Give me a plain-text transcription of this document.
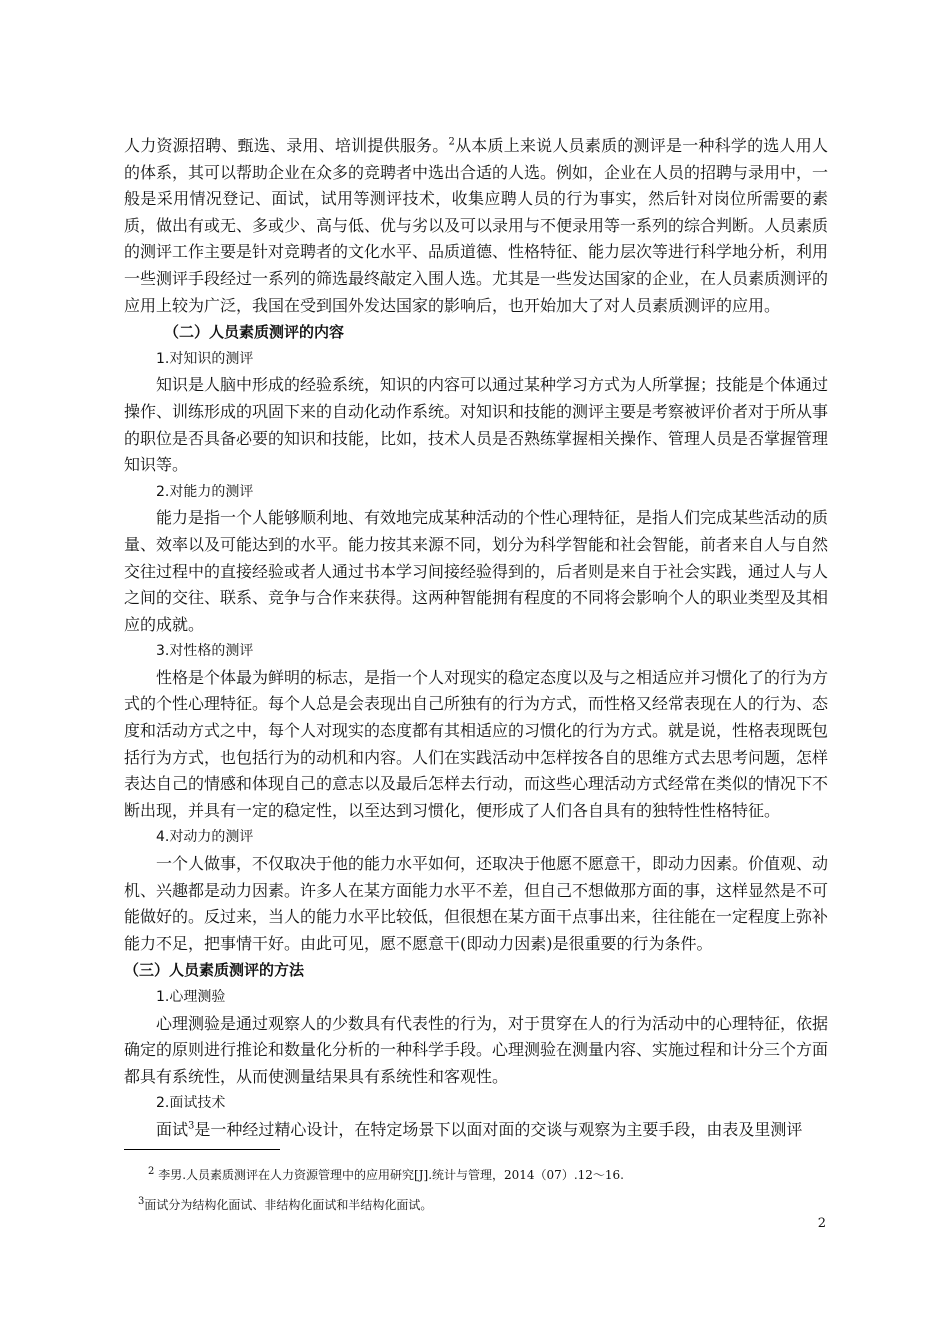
人力资源招聘、甄选、录用、培训提供服务。$^2$从本质上来说人员素质的测评是一种科学的选人用人的体系，其可以帮助企业在众多的竞聘者中选出合适的人选。例如，企业在人员的招聘与录用中，一般是采用情况登记、面试，试用等测评技术，收集应聘人员的行为事实，然后针对岗位所需要的素质，做出有或无、多或少、高与低、优与劣以及可以录用与不便录用等一系列的综合判断。人员素质的测评工作主要是针对竞聘者的文化水平、品质道德、性格特征、能力层次等进行科学地分析，利用一些测评手段经过一系列的筛选最终敲定入围人选。尤其是一些发达国家的企业，在人员素质测评的应用上较为广泛，我国在受到国外发达国家的影响后，也开始加大了对人员素质测评的应用。

（二）人员素质测评的内容

1.对知识的测评

知识是人脑中形成的经验系统，知识的内容可以通过某种学习方式为人所掌握；技能是个体通过操作、训练形成的巩固下来的自动化动作系统。对知识和技能的测评主要是考察被评价者对于所从事的职位是否具备必要的知识和技能，比如，技术人员是否熟练掌握相关操作、管理人员是否掌握管理知识等。

2.对能力的测评

能力是指一个人能够顺利地、有效地完成某种活动的个性心理特征，是指人们完成某些活动的质量、效率以及可能达到的水平。能力按其来源不同，划分为科学智能和社会智能，前者来自人与自然交往过程中的直接经验或者人通过书本学习间接经验得到的，后者则是来自于社会实践，通过人与人之间的交往、联系、竞争与合作来获得。这两种智能拥有程度的不同将会影响个人的职业类型及其相应的成就。

3.对性格的测评

性格是个体最为鲜明的标志，是指一个人对现实的稳定态度以及与之相适应并习惯化了的行为方式的个性心理特征。每个人总是会表现出自己所独有的行为方式，而性格又经常表现在人的行为、态度和活动方式之中，每个人对现实的态度都有其相适应的习惯化的行为方式。就是说，性格表现既包括行为方式，也包括行为的动机和内容。人们在实践活动中怎样按各自的思维方式去思考问题，怎样表达自己的情感和体现自己的意志以及最后怎样去行动，而这些心理活动方式经常在类似的情况下不断出现，并具有一定的稳定性，以至达到习惯化，便形成了人们各自具有的独特性性格特征。

4.对动力的测评

一个人做事，不仅取决于他的能力水平如何，还取决于他愿不愿意干，即动力因素。价值观、动机、兴趣都是动力因素。许多人在某方面能力水平不差，但自己不想做那方面的事，这样显然是不可能做好的。反过来，当人的能力水平比较低，但很想在某方面干点事出来，往往能在一定程度上弥补能力不足，把事情干好。由此可见，愿不愿意干(即动力因素)是很重要的行为条件。

（三）人员素质测评的方法

1.心理测验

心理测验是通过观察人的少数具有代表性的行为，对于贯穿在人的行为活动中的心理特征，依据确定的原则进行推论和数量化分析的一种科学手段。心理测验在测量内容、实施过程和计分三个方面都具有系统性，从而使测量结果具有系统性和客观性。

2.面试技术

面试$^3$是一种经过精心设计，在特定场景下以面对面的交谈与观察为主要手段，由表及里测评

$^2$ 李男.人员素质测评在人力资源管理中的应用研究[J].统计与管理，2014（07）.12～16.

$^3$面试分为结构化面试、非结构化面试和半结构化面试。

2
